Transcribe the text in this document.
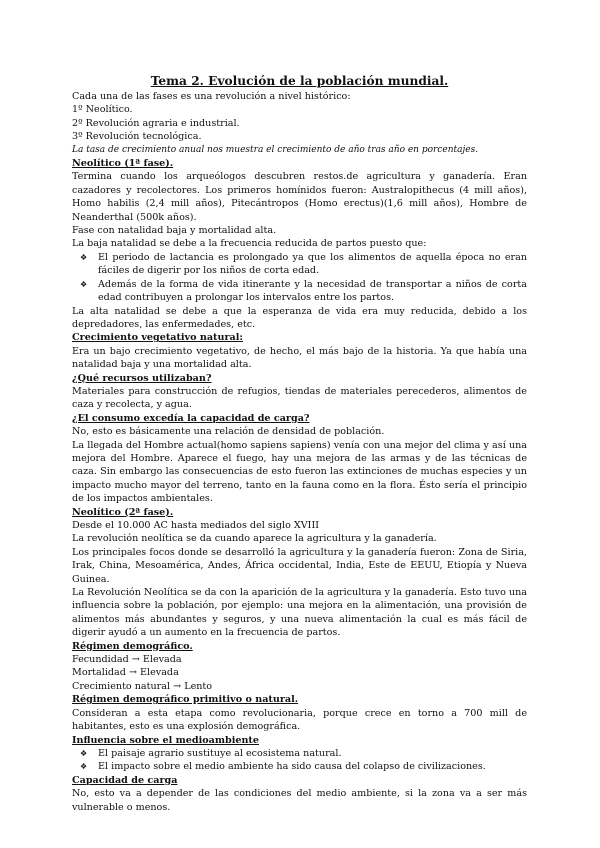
Tema 2. Evolución de la población mundial.
Cada una de las fases es una revolución a nivel histórico:
1º Neolítico.
2º Revolución agraria e industrial.
3º Revolución tecnológica.
La tasa de crecimiento anual nos muestra el crecimiento de año tras año en porcentajes.
Neolítico (1ª fase).
Termina cuando los arqueólogos descubren restos.de agricultura y ganadería. Eran cazadores y recolectores. Los primeros homínidos fueron: Australopithecus (4 mill años), Homo habilis (2,4 mill años), Pitecántropos (Homo erectus)(1,6 mill años), Hombre de Neanderthal (500k años).
Fase con natalidad baja y mortalidad alta.
La baja natalidad se debe a la frecuencia reducida de partos puesto que:
❖ El periodo de lactancia es prolongado ya que los alimentos de aquella época no eran fáciles de digerir por los niños de corta edad.
❖ Además de la forma de vida itinerante y la necesidad de transportar a niños de corta edad contribuyen a prolongar los intervalos entre los partos.
La alta natalidad se debe a que la esperanza de vida era muy reducida, debido a los depredadores, las enfermedades, etc.
Crecimiento vegetativo natural:
Era un bajo crecimiento vegetativo, de hecho, el más bajo de la historia. Ya que había una natalidad baja y una mortalidad alta.
¿Qué recursos utilizaban?
Materiales para construcción de refugios, tiendas de materiales perecederos, alimentos de caza y recolecta, y agua.
¿El consumo excedía la capacidad de carga?
No, esto es básicamente una relación de densidad de población.
La llegada del Hombre actual(homo sapiens sapiens) venía con una mejor del clima y así una mejora del Hombre. Aparece el fuego, hay una mejora de las armas y de las técnicas de caza. Sin embargo las consecuencias de esto fueron las extinciones de muchas especies y un impacto mucho mayor del terreno, tanto en la fauna como en la flora. Ésto sería el principio de los impactos ambientales.
Neolítico (2ª fase).
Desde el 10.000 AC hasta mediados del siglo XVIII
La revolución neolítica se da cuando aparece la agricultura y la ganadería.
Los principales focos donde se desarrolló la agricultura y la ganadería fueron: Zona de Siria, Irak, China, Mesoamérica, Andes, África occidental, India, Este de EEUU, Etiopía y Nueva Guinea.
La Revolución Neolítica se da con la aparición de la agricultura y la ganadería. Esto tuvo una influencia sobre la población, por ejemplo: una mejora en la alimentación, una provisión de alimentos más abundantes y seguros, y una nueva alimentación la cual es más fácil de digerir ayudó a un aumento en la frecuencia de partos.
Régimen demográfico.
Fecundidad → Elevada
Mortalidad → Elevada
Crecimiento natural → Lento
Régimen demográfico primitivo o natural.
Consideran a esta etapa como revolucionaria, porque crece en torno a 700 mill de habitantes, esto es una explosión demográfica.
Influencia sobre el medioambiente
❖ El paisaje agrario sustituye al ecosistema natural.
❖ El impacto sobre el medio ambiente ha sido causa del colapso de civilizaciones.
Capacidad de carga
No, esto va a depender de las condiciones del medio ambiente, si la zona va a ser más vulnerable o menos.
